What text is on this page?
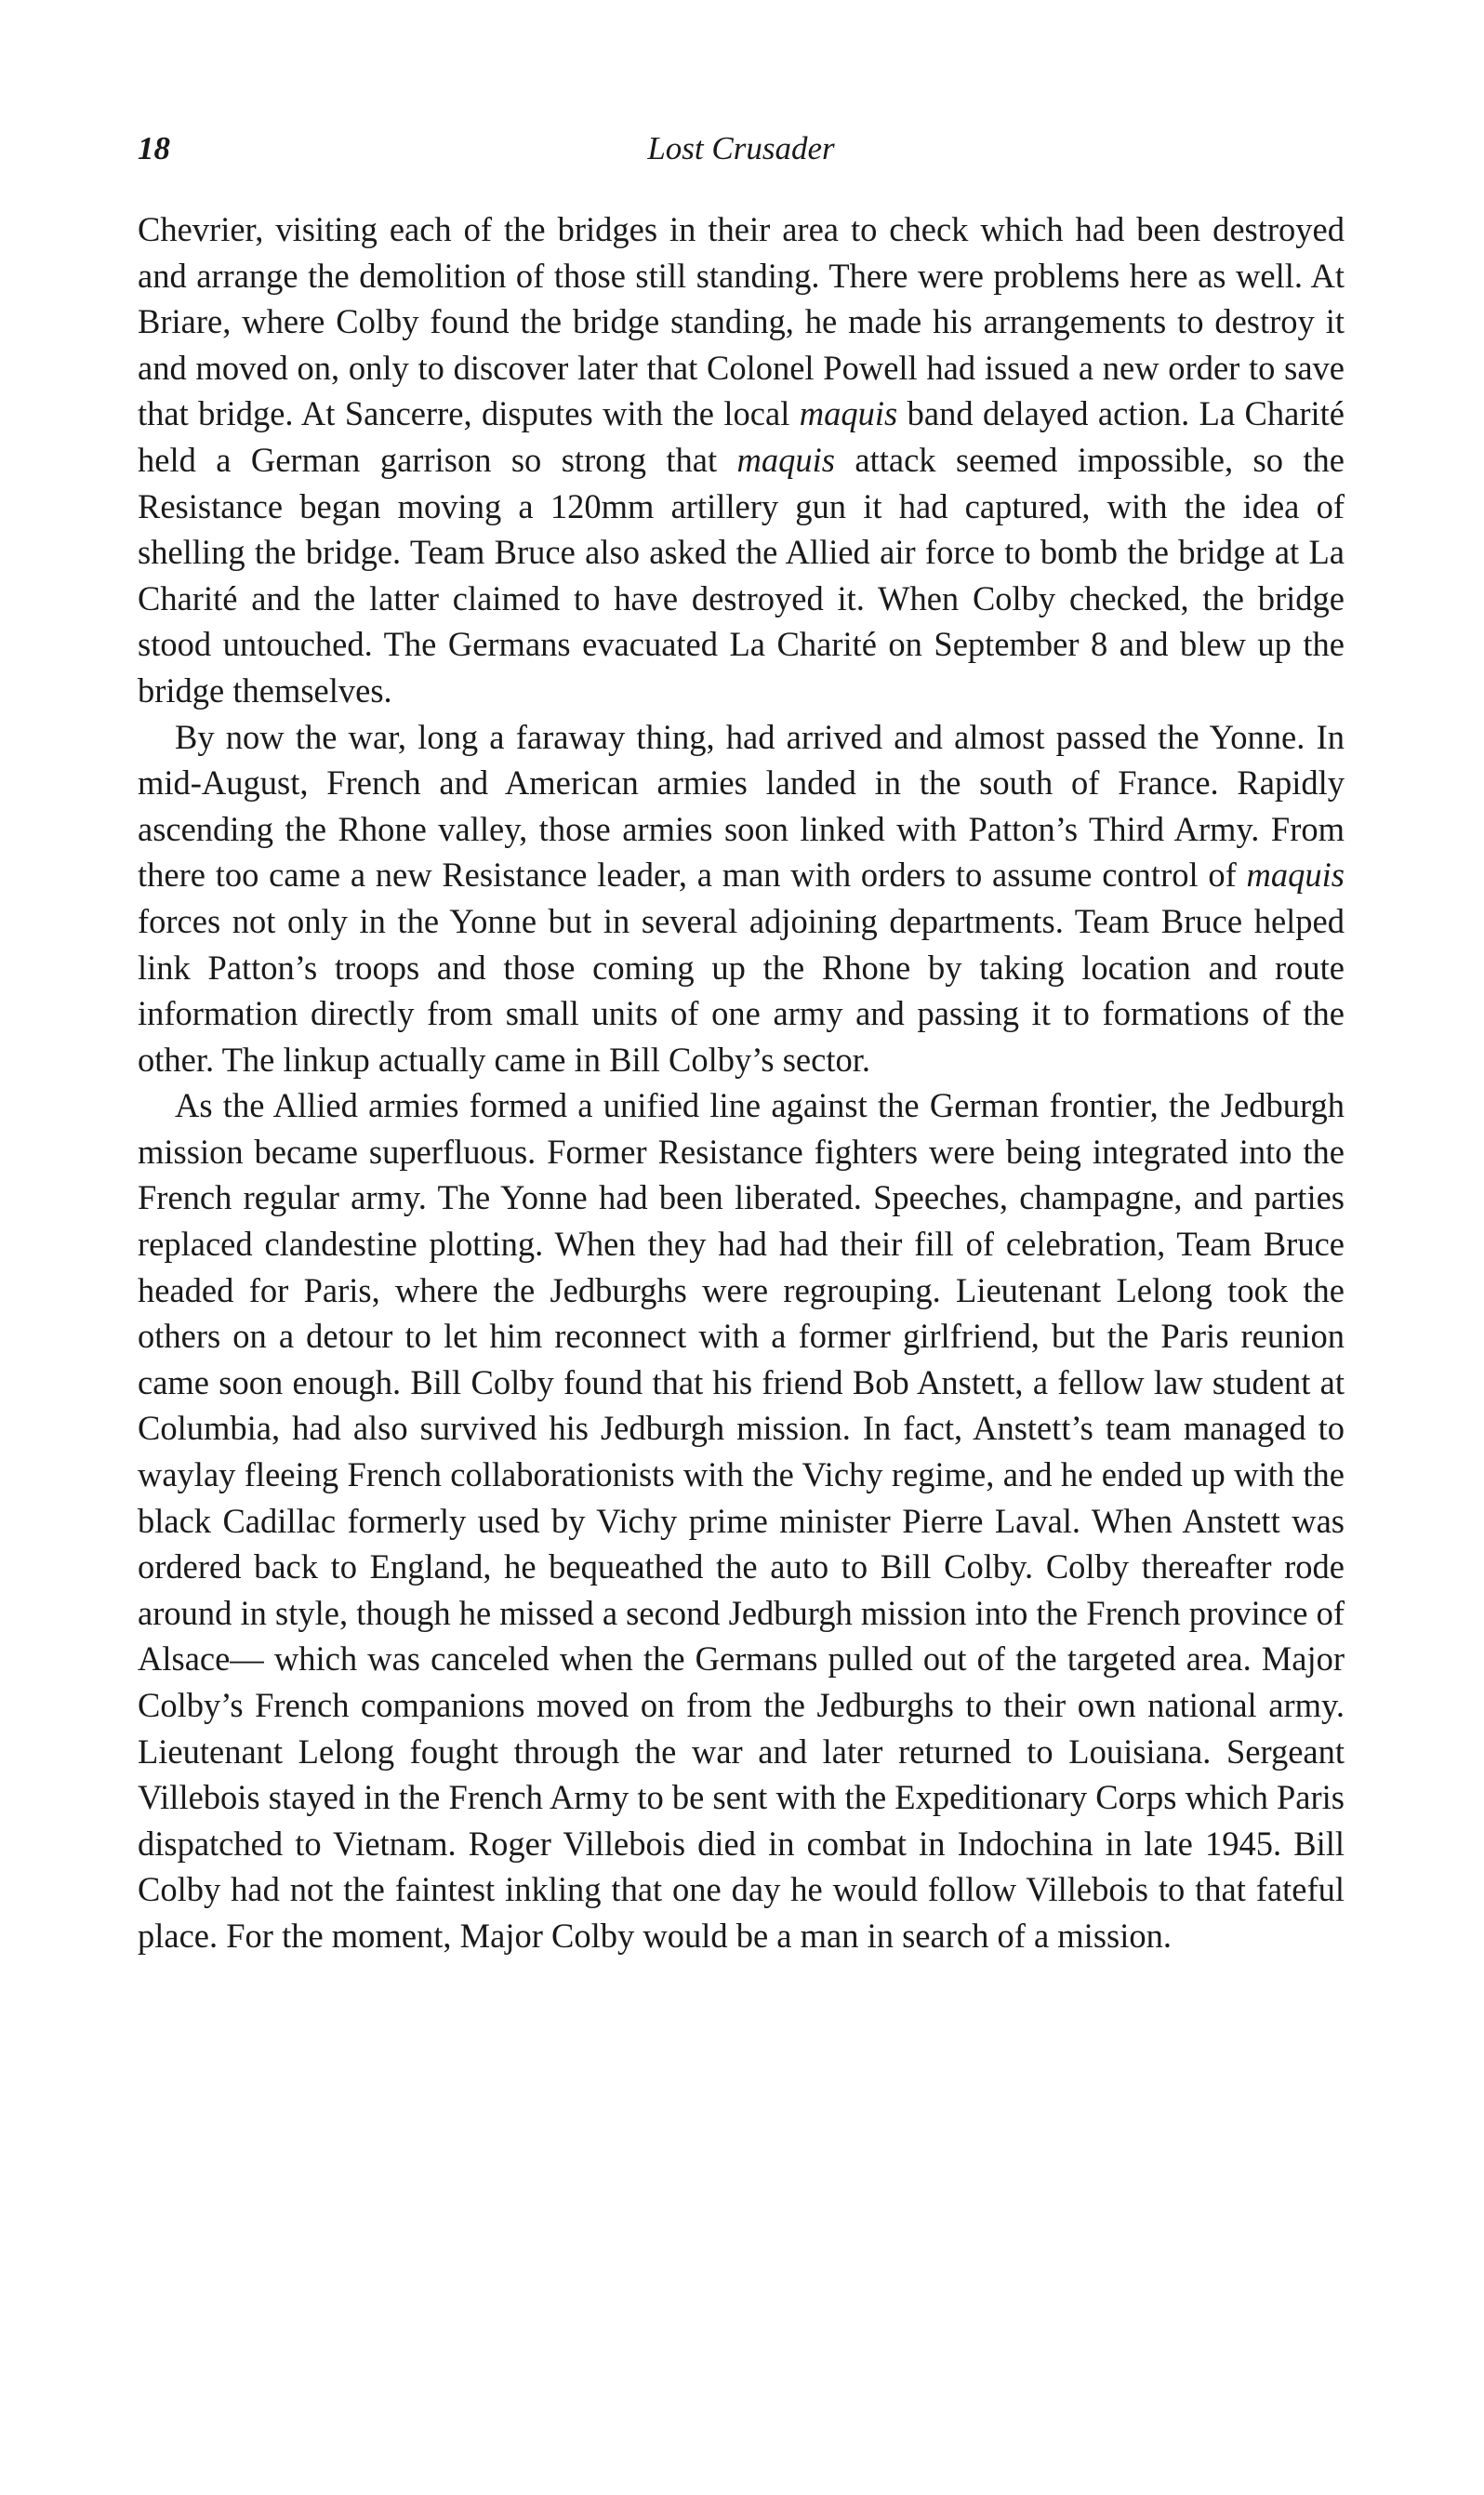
18	Lost Crusader

Chevrier, visiting each of the bridges in their area to check which had been destroyed and arrange the demolition of those still standing. There were problems here as well. At Briare, where Colby found the bridge standing, he made his arrangements to destroy it and moved on, only to discover later that Colonel Powell had issued a new order to save that bridge. At Sancerre, disputes with the local maquis band delayed action. La Charité held a German garrison so strong that maquis attack seemed impossible, so the Resistance began moving a 120mm artillery gun it had captured, with the idea of shelling the bridge. Team Bruce also asked the Allied air force to bomb the bridge at La Charité and the latter claimed to have destroyed it. When Colby checked, the bridge stood untouched. The Germans evacuated La Charité on September 8 and blew up the bridge themselves.

By now the war, long a faraway thing, had arrived and almost passed the Yonne. In mid-August, French and American armies landed in the south of France. Rapidly ascending the Rhone valley, those armies soon linked with Patton’s Third Army. From there too came a new Resistance leader, a man with orders to assume control of maquis forces not only in the Yonne but in several adjoining departments. Team Bruce helped link Patton’s troops and those coming up the Rhone by taking location and route information directly from small units of one army and passing it to formations of the other. The linkup actually came in Bill Colby’s sector.

As the Allied armies formed a unified line against the German frontier, the Jedburgh mission became superfluous. Former Resistance fighters were being integrated into the French regular army. The Yonne had been liberated. Speeches, champagne, and parties replaced clandestine plotting. When they had had their fill of celebration, Team Bruce headed for Paris, where the Jedburghs were regrouping. Lieutenant Lelong took the others on a detour to let him reconnect with a former girlfriend, but the Paris reunion came soon enough. Bill Colby found that his friend Bob Anstett, a fellow law student at Columbia, had also survived his Jedburgh mission. In fact, Anstett’s team managed to waylay fleeing French collaborationists with the Vichy regime, and he ended up with the black Cadillac formerly used by Vichy prime minister Pierre Laval. When Anstett was ordered back to England, he bequeathed the auto to Bill Colby. Colby thereafter rode around in style, though he missed a second Jedburgh mission into the French province of Alsace— which was canceled when the Germans pulled out of the targeted area. Major Colby’s French companions moved on from the Jedburghs to their own national army. Lieutenant Lelong fought through the war and later returned to Louisiana. Sergeant Villebois stayed in the French Army to be sent with the Expeditionary Corps which Paris dispatched to Vietnam. Roger Villebois died in combat in Indochina in late 1945. Bill Colby had not the faintest inkling that one day he would follow Villebois to that fateful place. For the moment, Major Colby would be a man in search of a mission.
